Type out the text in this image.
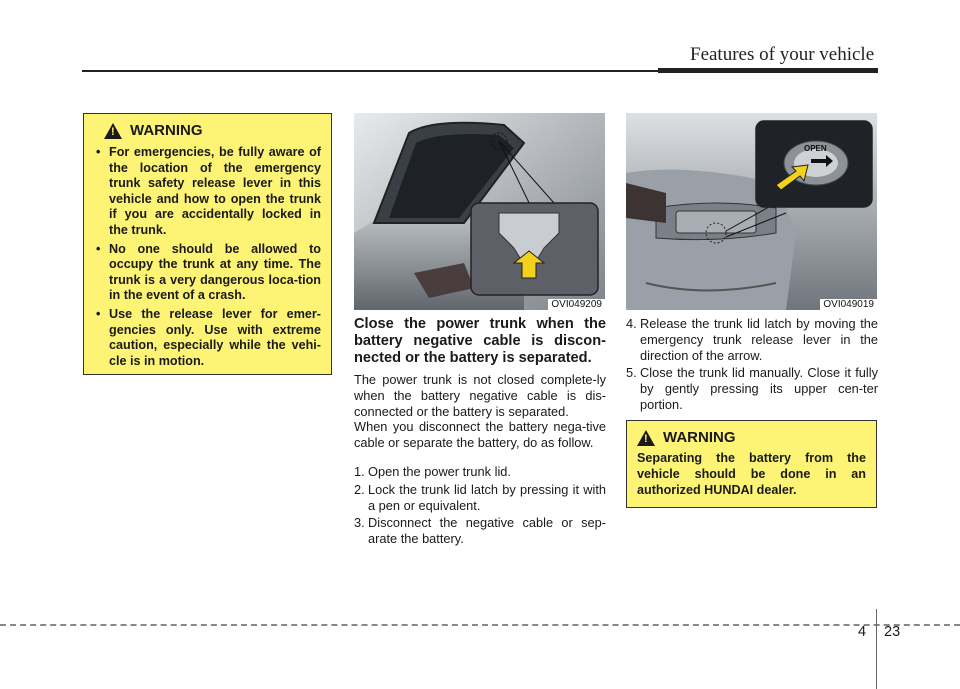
Features of your vehicle
! WARNING
• For emergencies, be fully aware of the location of the emergency trunk safety release lever in this vehicle and how to open the trunk if you are accidentally locked in the trunk.
• No one should be allowed to occupy the trunk at any time. The trunk is a very dangerous loca-tion in the event of a crash.
• Use the release lever for emer-gencies only. Use with extreme caution, especially while the vehi-cle is in motion.
OVI049209
OPEN
OVI049019
Close the power trunk when the battery negative cable is discon-nected or the battery is separated.
The power trunk is not closed complete-ly when the battery negative cable is dis-connected or the battery is separated.
When you disconnect the battery nega-tive cable or separate the battery, do as follow.
1. Open the power trunk lid.
2. Lock the trunk lid latch by pressing it with a pen or equivalent.
3. Disconnect the negative cable or sep-arate the battery.
4. Release the trunk lid latch by moving the emergency trunk release lever in the direction of the arrow.
5. Close the trunk lid manually. Close it fully by gently pressing its upper cen-ter portion.
! WARNING
Separating the battery from the vehicle should be done in an authorized HUNDAI dealer.
4 23
